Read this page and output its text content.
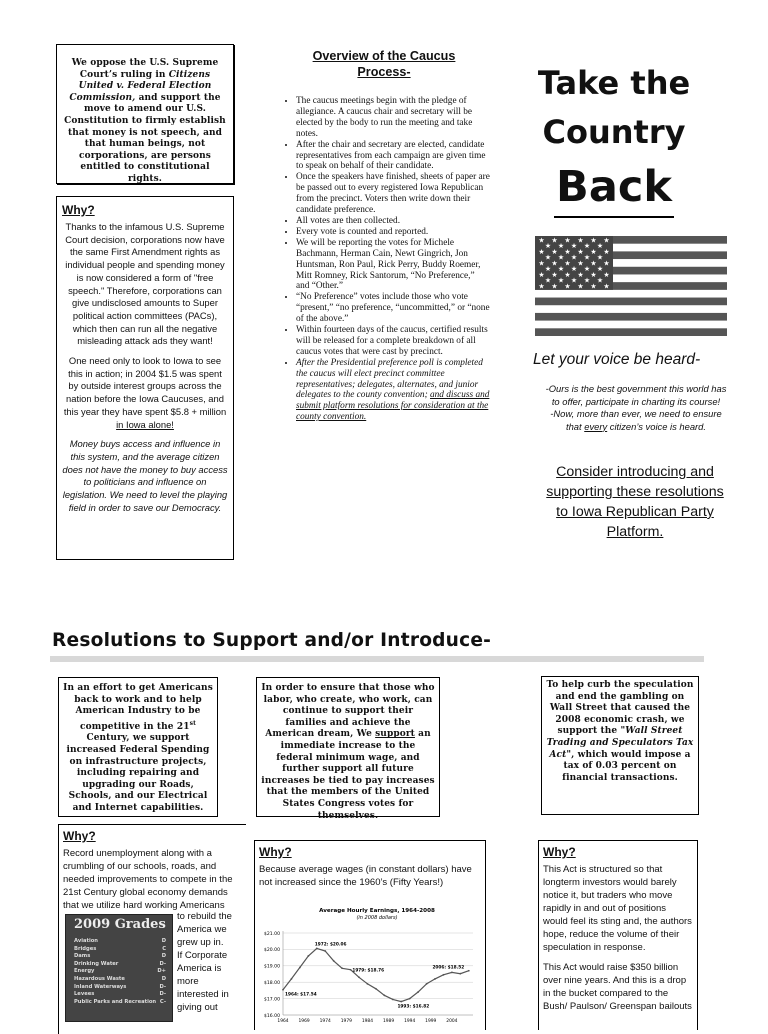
We oppose the U.S. Supreme Court’s ruling in Citizens United v. Federal Election Commission, and support the move to amend our U.S. Constitution to firmly establish that money is not speech, and that human beings, not corporations, are persons entitled to constitutional rights.
Why?

Thanks to the infamous U.S. Supreme Court decision, corporations now have the same First Amendment rights as individual people and spending money is now considered a form of "free speech." Therefore, corporations can give undisclosed amounts to Super political action committees (PACs), which then can run all the negative misleading attack ads they want!

One need only to look to Iowa to see this in action; in 2004 $1.5 was spent by outside interest groups across the nation before the Iowa Caucuses, and this year they have spent $5.8 + million in Iowa alone!

Money buys access and influence in this system, and the average citizen does not have the money to buy access to politicians and influence on legislation. We need to level the playing field in order to save our Democracy.

Overview of the Caucus
Process-
• The caucus meetings begin with the pledge of allegiance. A caucus chair and secretary will be elected by the body to run the meeting and take notes.
• After the chair and secretary are elected, candidate representatives from each campaign are given time to speak on behalf of their candidate.
• Once the speakers have finished, sheets of paper are be passed out to every registered Iowa Republican from the precinct. Voters then write down their candidate preference.
• All votes are then collected.
• Every vote is counted and reported.
• We will be reporting the votes for Michele Bachmann, Herman Cain, Newt Gingrich, Jon Huntsman, Ron Paul, Rick Perry, Buddy Roemer, Mitt Romney, Rick Santorum, “No Preference,” and “Other.”
• “No Preference” votes include those who vote “present,” “no preference, “uncommitted,” or “none of the above.”
• Within fourteen days of the caucus, certified results will be released for a complete breakdown of all caucus votes that were cast by precinct.
• After the Presidential preference poll is completed the caucus will elect precinct committee representatives; delegates, alternates, and junior delegates to the county convention; and discuss and submit platform resolutions for consideration at the county convention.
Take the
Country
Back
★ ★ ★ ★ ★ ★
★ ★ ★ ★ ★
★ ★ ★ ★ ★ ★
★ ★ ★ ★ ★
★ ★ ★ ★ ★ ★
★ ★ ★ ★ ★
★ ★ ★ ★ ★ ★
★ ★ ★ ★ ★
★ ★ ★ ★ ★ ★
Let your voice be heard-
-Ours is the best government this world has to offer, participate in charting its course!
-Now, more than ever, we need to ensure that every citizen’s voice is heard.
Consider introducing and supporting these resolutions to Iowa Republican Party Platform.
Resolutions to Support and/or Introduce-
In an effort to get Americans back to work and to help American Industry to be competitive in the 21st Century, we support increased Federal Spending on infrastructure projects, including repairing and upgrading our Roads, Schools, and our Electrical and Internet capabilities.
In order to ensure that those who labor, who create, who work, can continue to support their families and achieve the American dream, We support an immediate increase to the federal minimum wage, and further support all future increases be tied to pay increases that the members of the United States Congress votes for themselves.
To help curb the speculation and end the gambling on Wall Street that caused the 2008 economic crash, we support the "Wall Street Trading and Speculators Tax Act", which would impose a tax of 0.03 percent on financial transactions.
Why?
Record unemployment along with a crumbling of our schools, roads, and needed improvements to compete in the 21st Century global economy demands that we utilize hard working Americans
2009 Grades
Aviation	D
Bridges	C
Dams	D
Drinking Water	D-
Energy	D+
Hazardous Waste	D
Inland Waterways	D-
Levees	D-
Public Parks and Recreation C-
to rebuild the
America we
grew up in.
If Corporate
America is
more
interested in
giving out
Why?
Because average wages (in constant dollars) have not increased since the 1960’s (Fifty Years!)
Average Hourly Earnings, 1964-2008
(in 2008 dollars)
$21.00
$20.00
$19.00
$18.00
$17.00
$16.00
1964 1969 1974 1979 1984 1989 1994 1999 2004
1964: $17.54
1972: $20.06
1979: $18.76
1993: $16.82
2006: $18.52
Why?

This Act is structured so that longterm investors would barely notice it, but traders who move rapidly in and out of positions would feel its sting and, the authors hope, reduce the volume of their speculation in response.

This Act would raise $350 billion over nine years. And this is a drop in the bucket compared to the Bush/ Paulson/ Greenspan bailouts
